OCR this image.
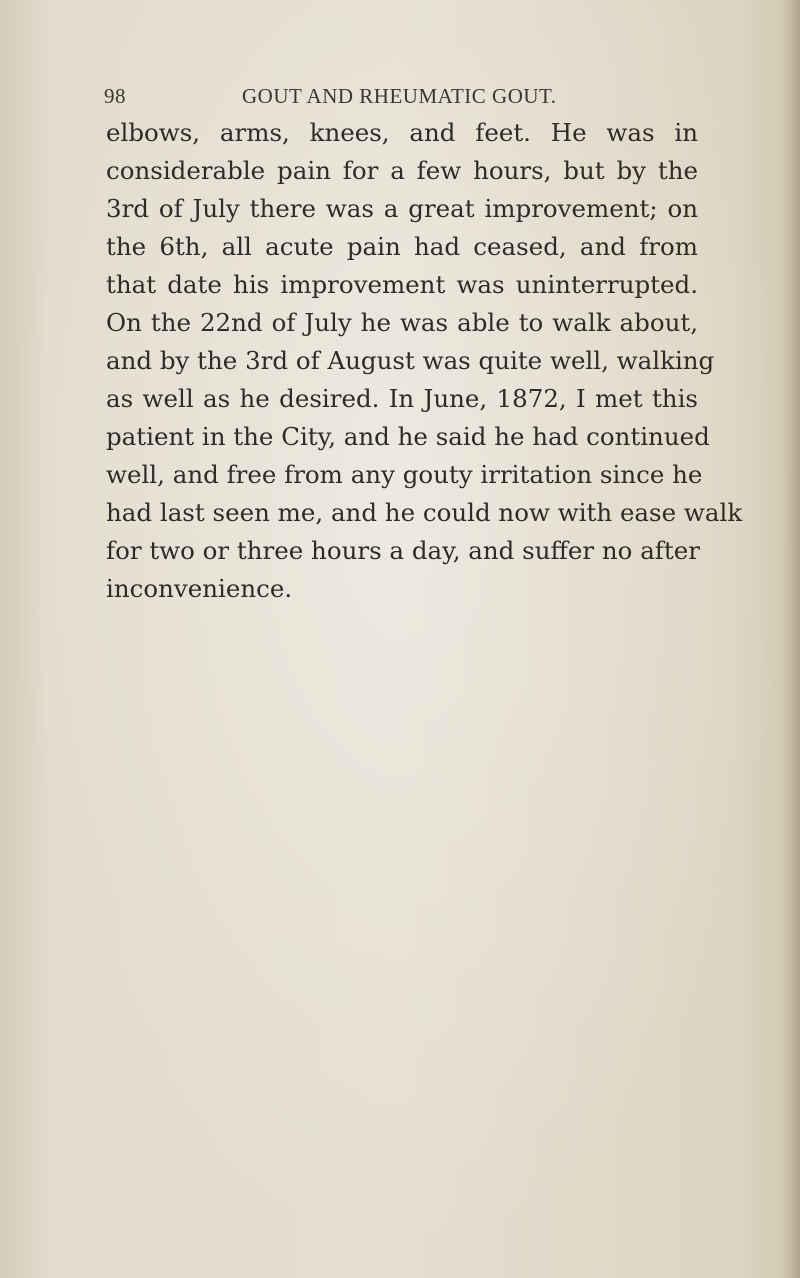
98	GOUT AND RHEUMATIC GOUT.

elbows, arms, knees, and feet. He was in
considerable pain for a few hours, but by the
3rd of July there was a great improvement; on
the 6th, all acute pain had ceased, and from
that date his improvement was uninterrupted.
On the 22nd of July he was able to walk about,
and by the 3rd of August was quite well, walking
as well as he desired. In June, 1872, I met this
patient in the City, and he said he had continued
well, and free from any gouty irritation since he
had last seen me, and he could now with ease walk
for two or three hours a day, and suffer no after
inconvenience.
